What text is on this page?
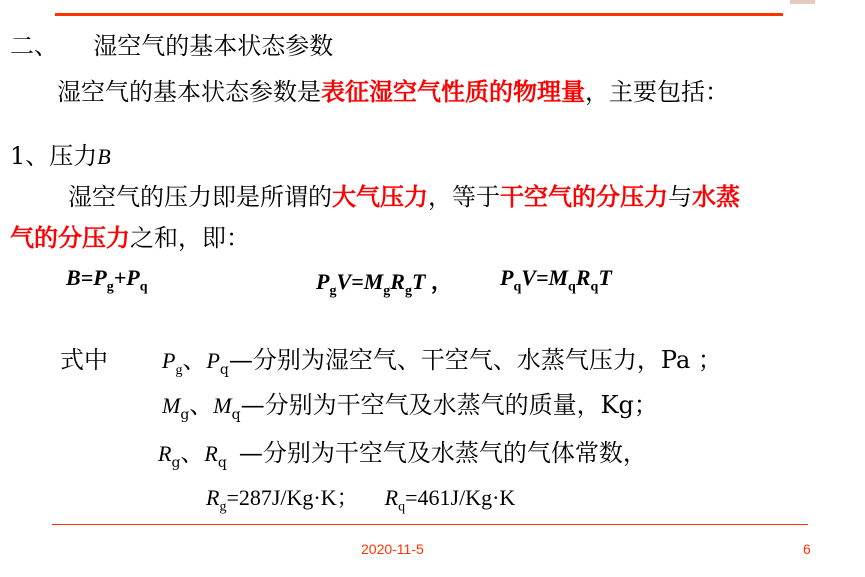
二、 湿空气的基本状态参数
湿空气的基本状态参数是表征湿空气性质的物理量，主要包括：
1、压力B
湿空气的压力即是所谓的大气压力，等于干空气的分压力与水蒸
气的分压力之和，即：
$B=P_g+P_q$	$P_gV=M_gR_gT$ ， $P_qV=M_qR_qT$
式中 $P_g$、$P_q—$分别为湿空气、干空气、水蒸气压力，Pa ；
$M_g$、$M_q—$分别为干空气及水蒸气的质量，Kg；
$R_g$、$R_q$ —分别为干空气及水蒸气的气体常数，
$R_g=287J/Kg\cdot K$； $R_q=461J/Kg\cdot K$
2020-11-5	6
